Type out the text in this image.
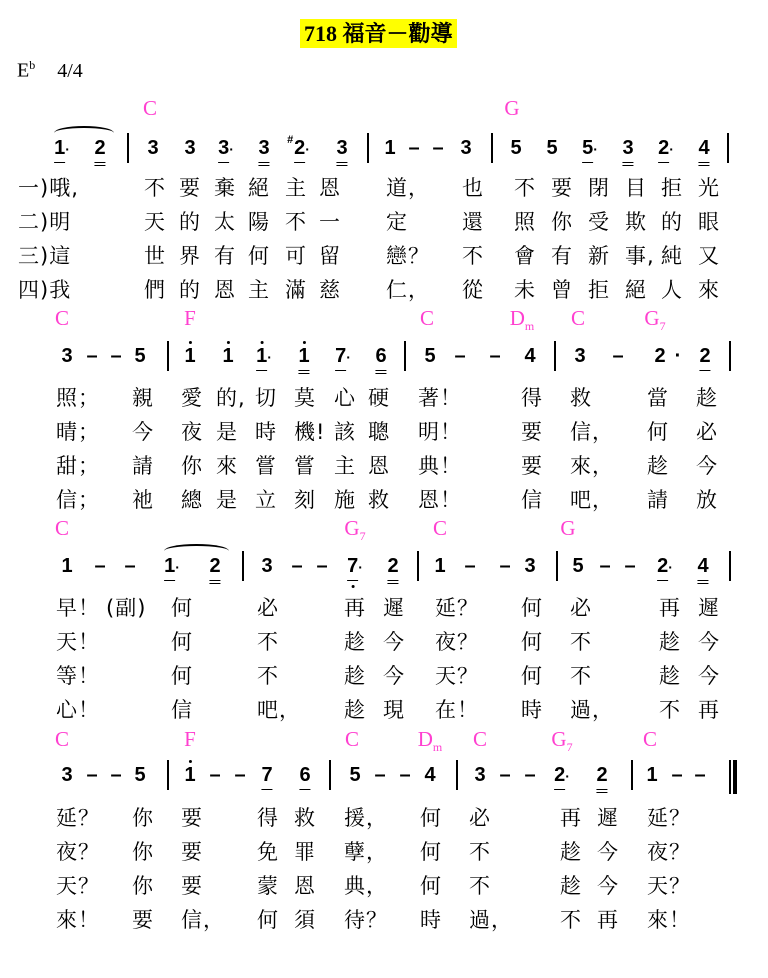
718 福音－勸導
$E^b$ 4/4
C	G
1
· 2 3 3 3
· 3 2
#
· 3 1 – – 3 5 5 5
· 3 2
· 4
一)哦,	不 要 棄 絕 主 恩 道， 也 不 要 閉 目 拒 光
二)明	天 的 太 陽 不 一 定	還 照 你 受 欺 的 眼
三)這	世 界 有 何 可 留 戀？ 不 會 有 新 事, 純 又
四)我	們 的 恩 主 滿 慈 仁， 從 未 曾 拒 絕 人 來
C	F	C	$D_m$ C	$G_7$
3 – – 5 1 1 1
· 1 7
· 6 5 – – 4 3 – 2 · 2
照； 親 愛 的, 切 莫 心 硬 著！	得 救	當 趁
晴； 今 夜 是 時 機! 該 聰 明！	要 信， 何 必
甜； 請 你 來 嘗 嘗 主 恩 典！	要 來， 趁 今
信； 祂 總 是 立 刻 施 救 恩！	信 吧， 請 放
C	$G_7$	C	G
1 – – 1
· 2 3 – – 7
· 2 1 – – 3 5 – – 2
· 4
早！ (副) 何	必	再 遲 延？ 何 必	再 遲
天！	何	不	趁 今 夜？ 何 不	趁 今
等！	何	不	趁 今 天？ 何 不	趁 今
心！	信	吧， 趁 現 在！ 時 過， 不 再
C	F	C	$D_m$ C	$G_7$	C
3 – – 5 1 – – 7 6 5 – – 4 3 – – 2
· 2 1 – –
延？ 你 要	得 救 援， 何 必	再 遲 延？
夜？ 你 要	免 罪 孽， 何 不	趁 今 夜？
天？ 你 要	蒙 恩 典， 何 不	趁 今 天？
來！ 要 信， 何 須 待？ 時 過， 不 再 來！
